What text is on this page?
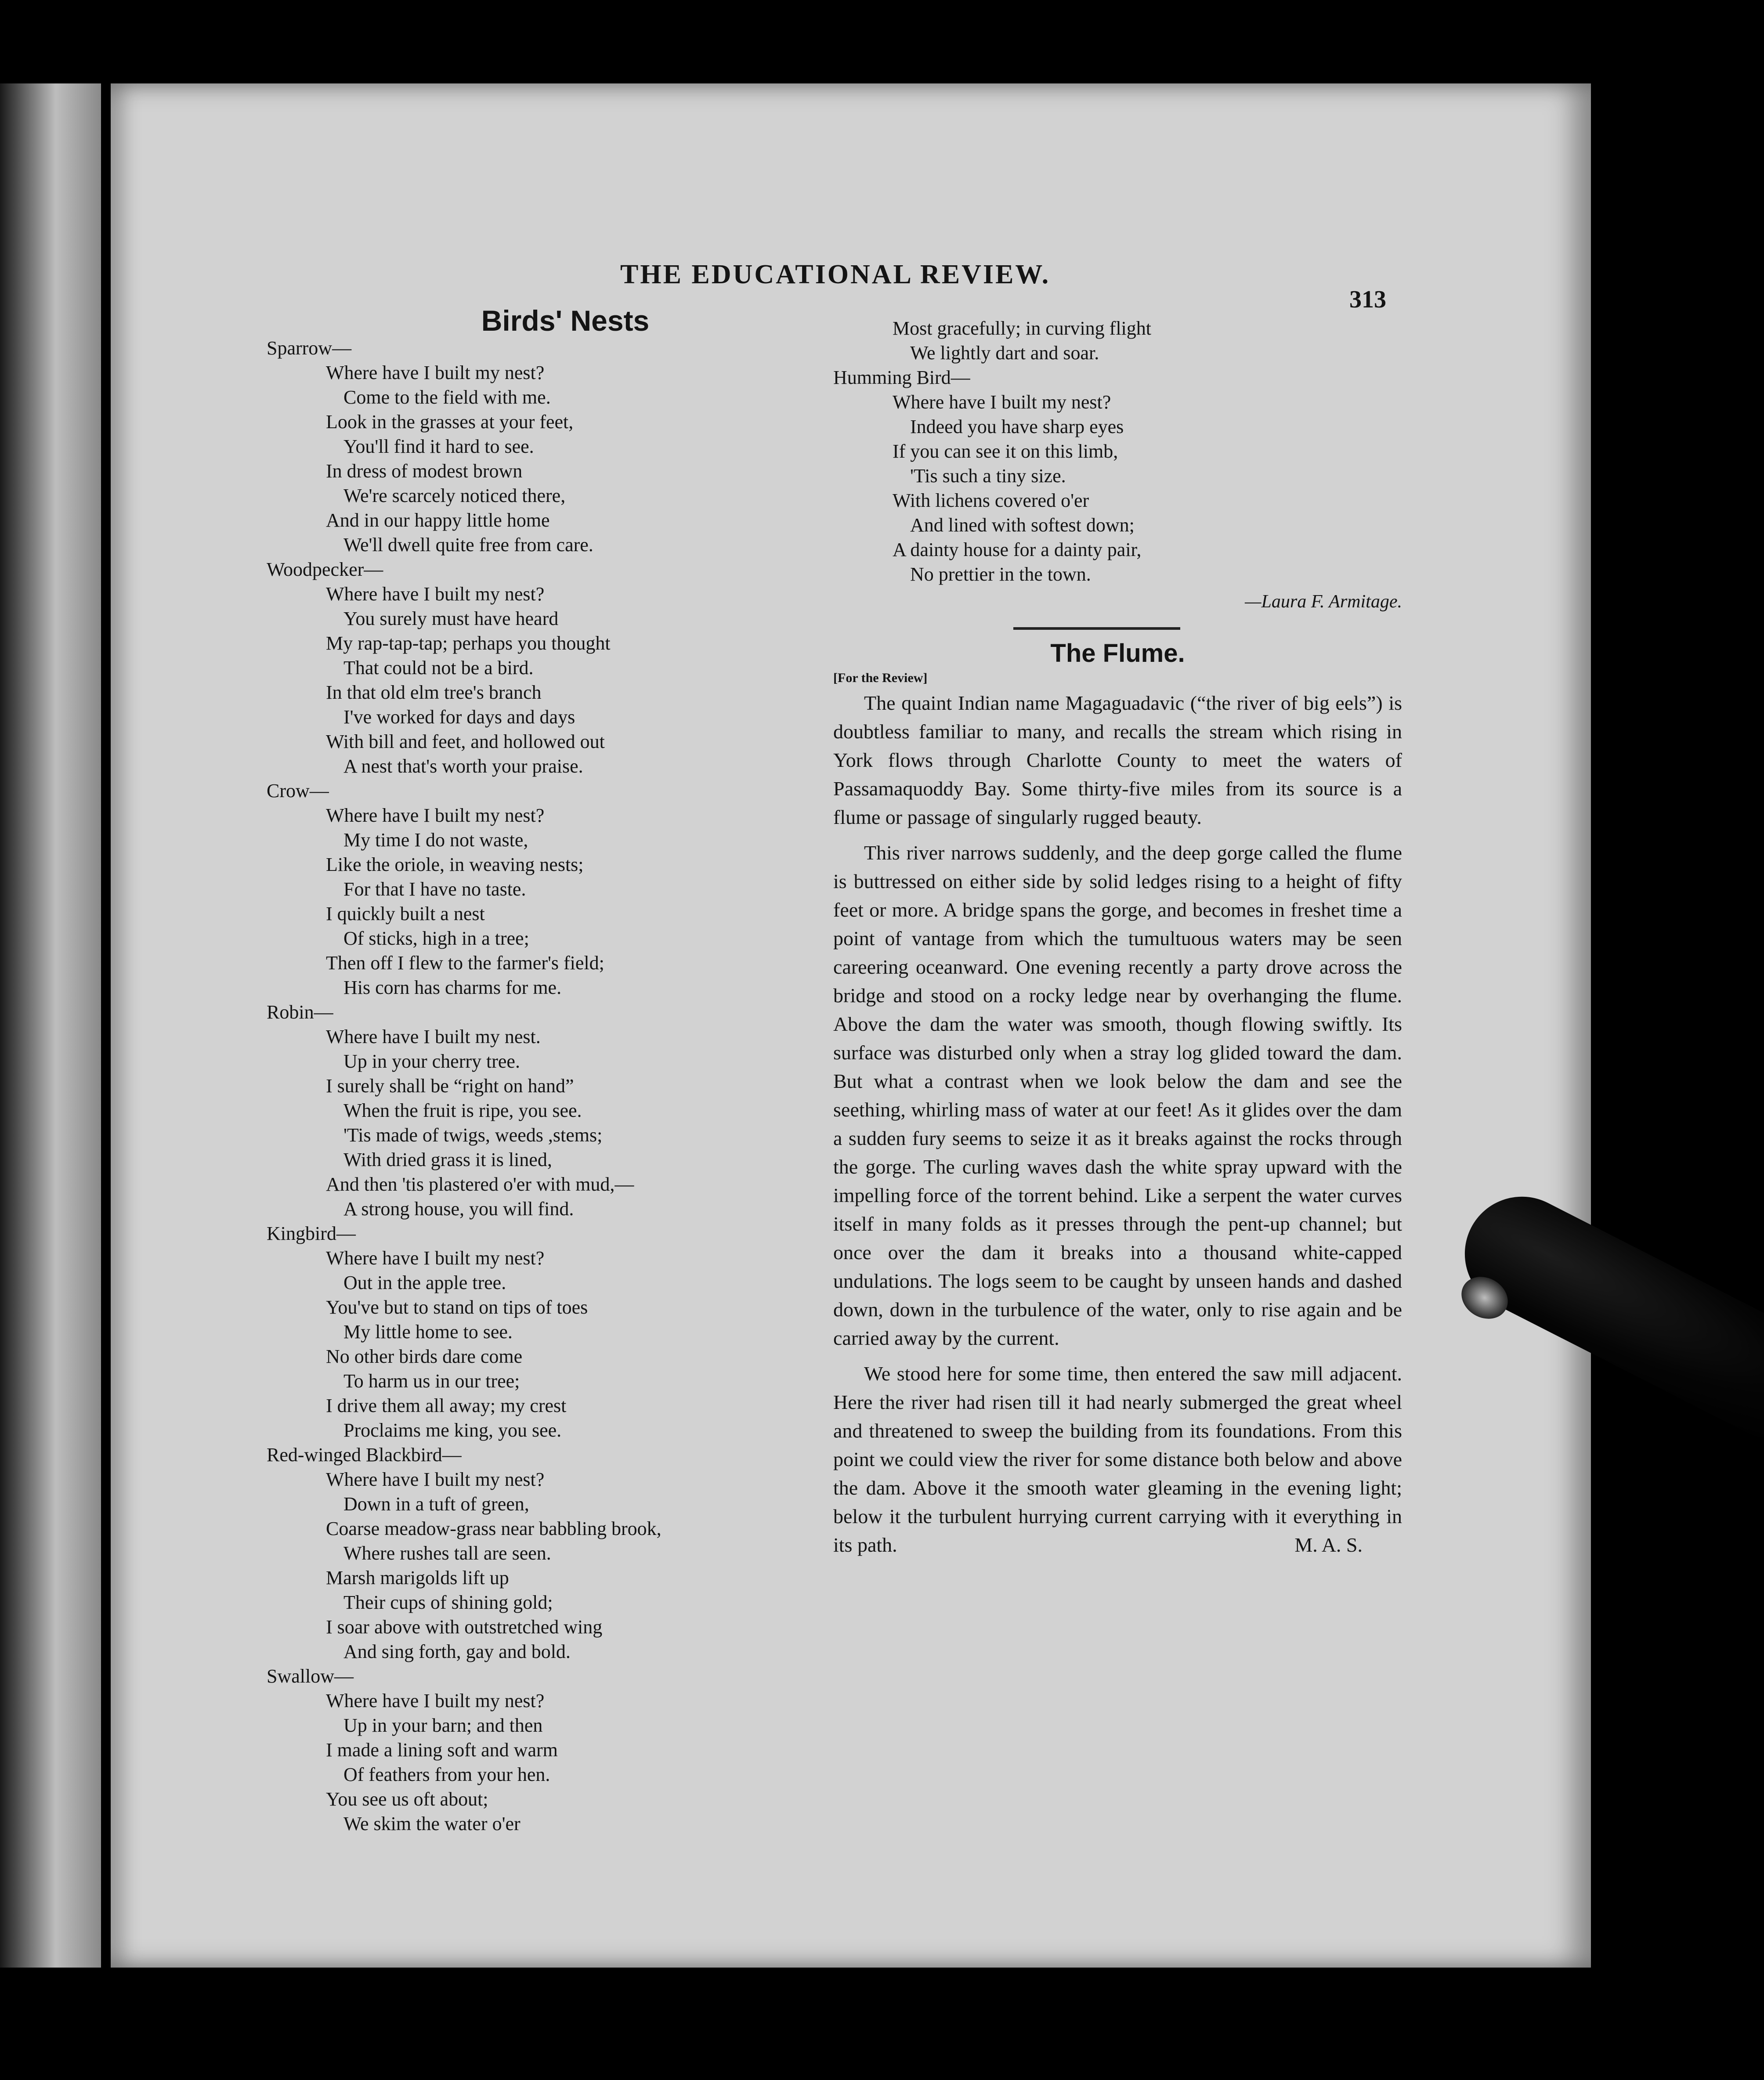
THE EDUCATIONAL REVIEW.
313
Birds' Nests
Sparrow—
Where have I built my nest?
Come to the field with me.
Look in the grasses at your feet,
You'll find it hard to see.
In dress of modest brown
We're scarcely noticed there,
And in our happy little home
We'll dwell quite free from care.
Woodpecker—
Where have I built my nest?
You surely must have heard
My rap-tap-tap; perhaps you thought
That could not be a bird.
In that old elm tree's branch
I've worked for days and days
With bill and feet, and hollowed out
A nest that's worth your praise.
Crow—
Where have I built my nest?
My time I do not waste,
Like the oriole, in weaving nests;
For that I have no taste.
I quickly built a nest
Of sticks, high in a tree;
Then off I flew to the farmer's field;
His corn has charms for me.
Robin—
Where have I built my nest.
Up in your cherry tree.
I surely shall be “right on hand”
When the fruit is ripe, you see.
'Tis made of twigs, weeds ,stems;
With dried grass it is lined,
And then 'tis plastered o'er with mud,—
A strong house, you will find.
Kingbird—
Where have I built my nest?
Out in the apple tree.
You've but to stand on tips of toes
My little home to see.
No other birds dare come
To harm us in our tree;
I drive them all away; my crest
Proclaims me king, you see.
Red-winged Blackbird—
Where have I built my nest?
Down in a tuft of green,
Coarse meadow-grass near babbling brook,
Where rushes tall are seen.
Marsh marigolds lift up
Their cups of shining gold;
I soar above with outstretched wing
And sing forth, gay and bold.
Swallow—
Where have I built my nest?
Up in your barn; and then
I made a lining soft and warm
Of feathers from your hen.
You see us oft about;
We skim the water o'er
Most gracefully; in curving flight
We lightly dart and soar.
Humming Bird—
Where have I built my nest?
Indeed you have sharp eyes
If you can see it on this limb,
'Tis such a tiny size.
With lichens covered o'er
And lined with softest down;
A dainty house for a dainty pair,
No prettier in the town.
—Laura F. Armitage.
The Flume.
[For the Review]

The quaint Indian name Magaguadavic (“the river of big eels”) is doubtless familiar to many, and recalls the stream which rising in York flows through Charlotte County to meet the waters of Passamaquoddy Bay. Some thirty-five miles from its source is a flume or passage of singularly rugged beauty.

This river narrows suddenly, and the deep gorge called the flume is buttressed on either side by solid ledges rising to a height of fifty feet or more. A bridge spans the gorge, and becomes in freshet time a point of vantage from which the tumultuous waters may be seen careering oceanward. One evening recently a party drove across the bridge and stood on a rocky ledge near by overhanging the flume. Above the dam the water was smooth, though flowing swiftly. Its surface was disturbed only when a stray log glided toward the dam. But what a contrast when we look below the dam and see the seething, whirling mass of water at our feet! As it glides over the dam a sudden fury seems to seize it as it breaks against the rocks through the gorge. The curling waves dash the white spray upward with the impelling force of the torrent behind. Like a serpent the water curves itself in many folds as it presses through the pent-up channel; but once over the dam it breaks into a thousand white-capped undulations. The logs seem to be caught by unseen hands and dashed down, down in the turbulence of the water, only to rise again and be carried away by the current.

We stood here for some time, then entered the saw mill adjacent. Here the river had risen till it had nearly submerged the great wheel and threatened to sweep the building from its foundations. From this point we could view the river for some distance both below and above the dam. Above it the smooth water gleaming in the evening light; below it the turbulent hurrying current carrying with it everything in its path.	M. A. S.
